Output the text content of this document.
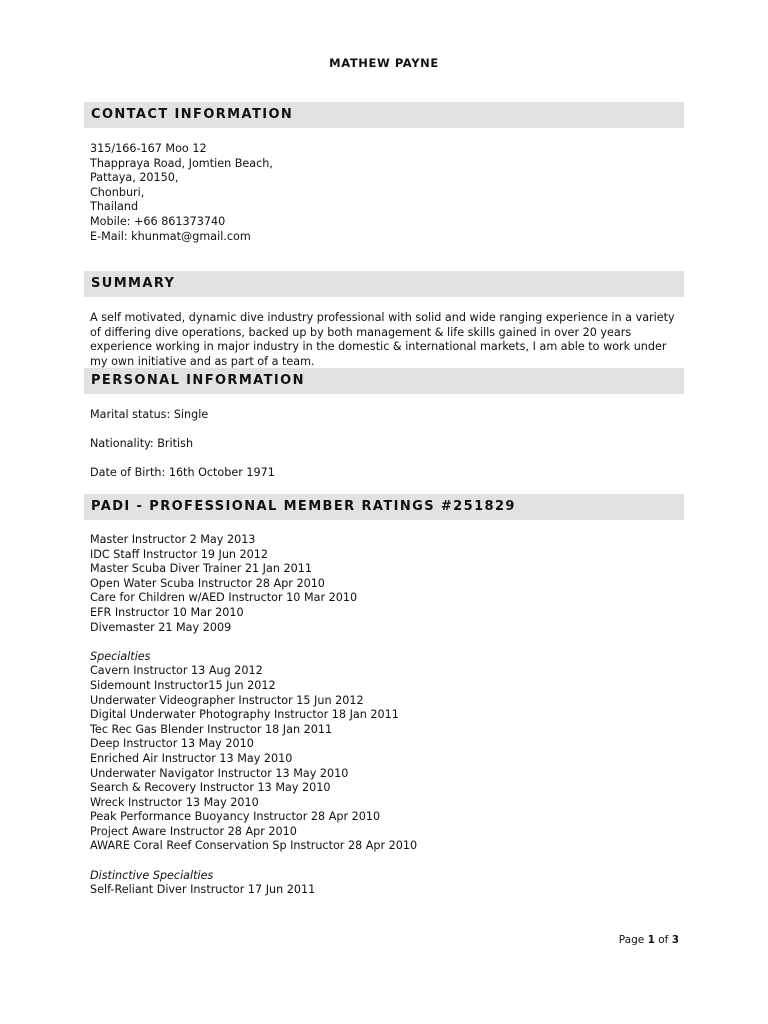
MATHEW PAYNE
CONTACT INFORMATION
315/166-167 Moo 12
Thappraya Road, Jomtien Beach,
Pattaya, 20150,
Chonburi,
Thailand
Mobile: +66 861373740
E-Mail: khunmat@gmail.com
SUMMARY
A self motivated, dynamic dive industry professional with solid and wide ranging experience in a variety of differing dive operations, backed up by both management & life skills gained in over 20 years experience working in major industry in the domestic & international markets, I am able to work under my own initiative and as part of a team.
PERSONAL INFORMATION
Marital status: Single
Nationality: British
Date of Birth: 16th October 1971
PADI - PROFESSIONAL MEMBER RATINGS #251829
Master Instructor 2 May 2013
IDC Staff Instructor 19 Jun 2012
Master Scuba Diver Trainer 21 Jan 2011
Open Water Scuba Instructor 28 Apr 2010
Care for Children w/AED Instructor 10 Mar 2010
EFR Instructor 10 Mar 2010
Divemaster 21 May 2009
Specialties
Cavern Instructor 13 Aug 2012
Sidemount Instructor15 Jun 2012
Underwater Videographer Instructor 15 Jun 2012
Digital Underwater Photography Instructor 18 Jan 2011
Tec Rec Gas Blender Instructor 18 Jan 2011
Deep Instructor 13 May 2010
Enriched Air Instructor 13 May 2010
Underwater Navigator Instructor 13 May 2010
Search & Recovery Instructor 13 May 2010
Wreck Instructor 13 May 2010
Peak Performance Buoyancy Instructor 28 Apr 2010
Project Aware Instructor 28 Apr 2010
AWARE Coral Reef Conservation Sp Instructor 28 Apr 2010
Distinctive Specialties
Self-Reliant Diver Instructor 17 Jun 2011
Page 1 of 3
